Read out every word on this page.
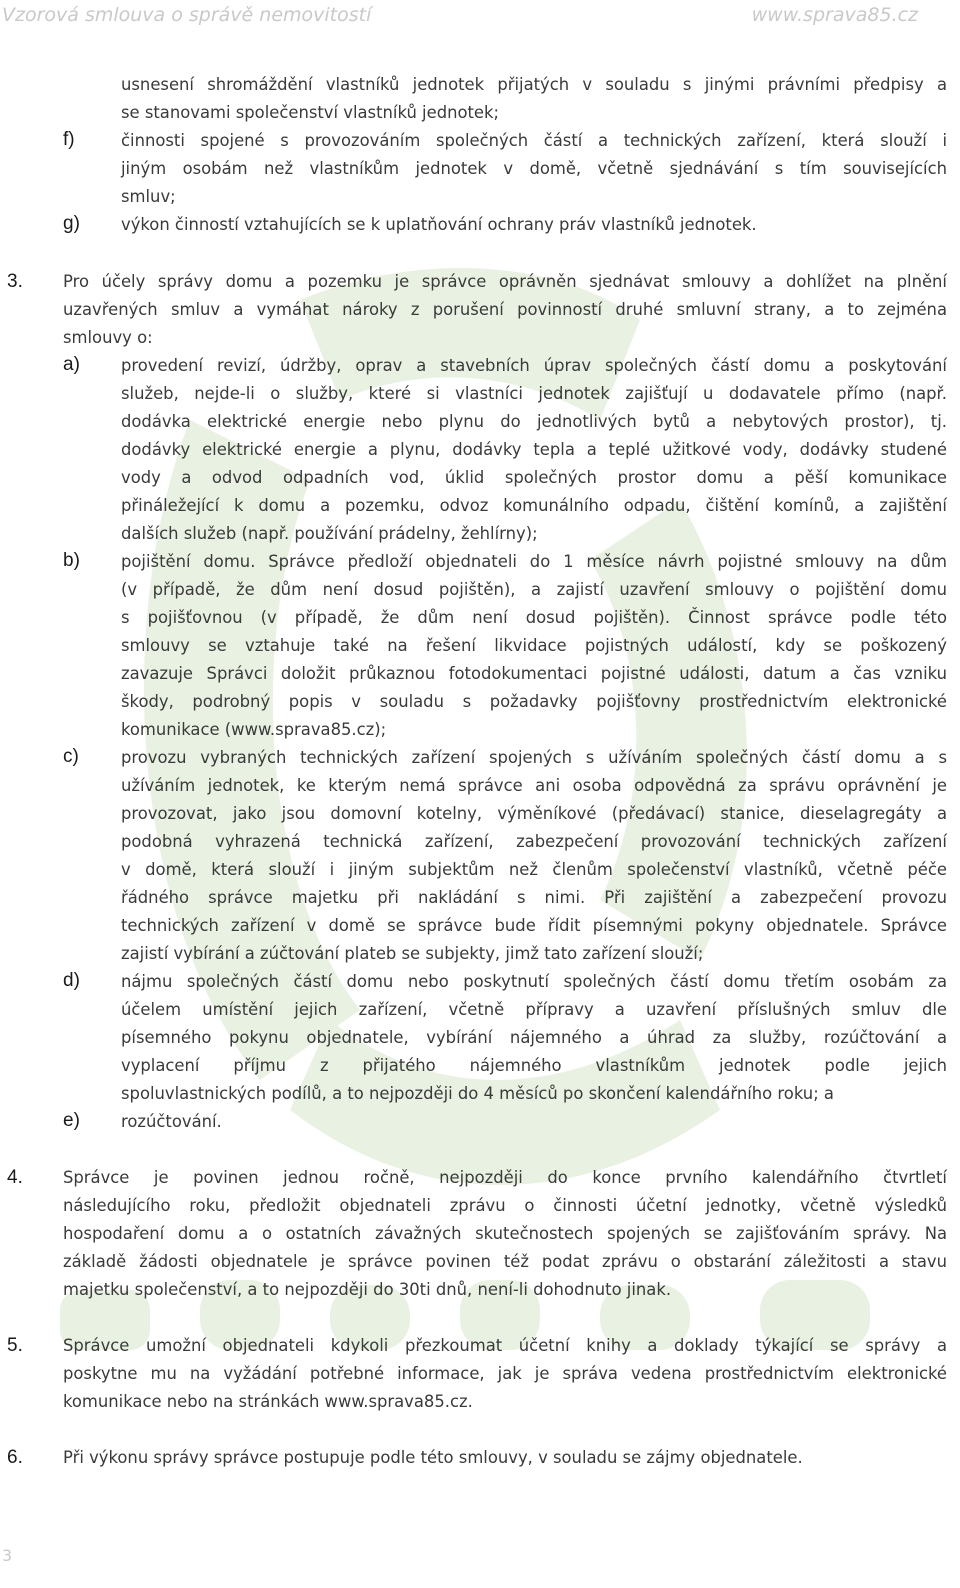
Vzorová smlouva o správě nemovitostí	www.sprava85.cz
usnesení shromáždění vlastníků jednotek přijatých v souladu s jinými právními předpisy a
se stanovami společenství vlastníků jednotek;
f)	činnosti spojené s provozováním společných částí a technických zařízení, která slouží i
jiným osobám než vlastníkům jednotek v domě, včetně sjednávání s tím souvisejících
smluv;
g)	výkon činností vztahujících se k uplatňování ochrany práv vlastníků jednotek.
3. Pro účely správy domu a pozemku je správce oprávněn sjednávat smlouvy a dohlížet na plnění
uzavřených smluv a vymáhat nároky z porušení povinností druhé smluvní strany, a to zejména
smlouvy o:
a)	provedení revizí, údržby, oprav a stavebních úprav společných částí domu a poskytování
služeb, nejde-li o služby, které si vlastníci jednotek zajišťují u dodavatele přímo (např.
dodávka elektrické energie nebo plynu do jednotlivých bytů a nebytových prostor), tj.
dodávky elektrické energie a plynu, dodávky tepla a teplé užitkové vody, dodávky studené
vody a odvod odpadních vod, úklid společných prostor domu a pěší komunikace
přináležející k domu a pozemku, odvoz komunálního odpadu, čištění komínů, a zajištění
dalších služeb (např. používání prádelny, žehlírny);
b)	pojištění domu. Správce předloží objednateli do 1 měsíce návrh pojistné smlouvy na dům
(v případě, že dům není dosud pojištěn), a zajistí uzavření smlouvy o pojištění domu
s pojišťovnou (v případě, že dům není dosud pojištěn). Činnost správce podle této
smlouvy se vztahuje také na řešení likvidace pojistných událostí, kdy se poškozený
zavazuje Správci doložit průkaznou fotodokumentaci pojistné události, datum a čas vzniku
škody, podrobný popis v souladu s požadavky pojišťovny prostřednictvím elektronické
komunikace (www.sprava85.cz);
c)	provozu vybraných technických zařízení spojených s užíváním společných částí domu a s
užíváním jednotek, ke kterým nemá správce ani osoba odpovědná za správu oprávnění je
provozovat, jako jsou domovní kotelny, výměníkové (předávací) stanice, dieselagregáty a
podobná vyhrazená technická zařízení, zabezpečení provozování technických zařízení
v domě, která slouží i jiným subjektům než členům společenství vlastníků, včetně péče
řádného správce majetku při nakládání s nimi. Při zajištění a zabezpečení provozu
technických zařízení v domě se správce bude řídit písemnými pokyny objednatele. Správce
zajistí vybírání a zúčtování plateb se subjekty, jimž tato zařízení slouží;
d)	nájmu společných částí domu nebo poskytnutí společných částí domu třetím osobám za
účelem umístění jejich zařízení, včetně přípravy a uzavření příslušných smluv dle
písemného pokynu objednatele, vybírání nájemného a úhrad za služby, rozúčtování a
vyplacení příjmu z přijatého nájemného vlastníkům jednotek podle jejich
spoluvlastnických podílů, a to nejpozději do 4 měsíců po skončení kalendářního roku; a
e)	rozúčtování.
4. Správce je povinen jednou ročně, nejpozději do konce prvního kalendářního čtvrtletí
následujícího roku, předložit objednateli zprávu o činnosti účetní jednotky, včetně výsledků
hospodaření domu a o ostatních závažných skutečnostech spojených se zajišťováním správy. Na
základě žádosti objednatele je správce povinen též podat zprávu o obstarání záležitosti a stavu
majetku společenství, a to nejpozději do 30ti dnů, není-li dohodnuto jinak.
5. Správce umožní objednateli kdykoli přezkoumat účetní knihy a doklady týkající se správy a
poskytne mu na vyžádání potřebné informace, jak je správa vedena prostřednictvím elektronické
komunikace nebo na stránkách www.sprava85.cz.
6. Při výkonu správy správce postupuje podle této smlouvy, v souladu se zájmy objednatele.
3
